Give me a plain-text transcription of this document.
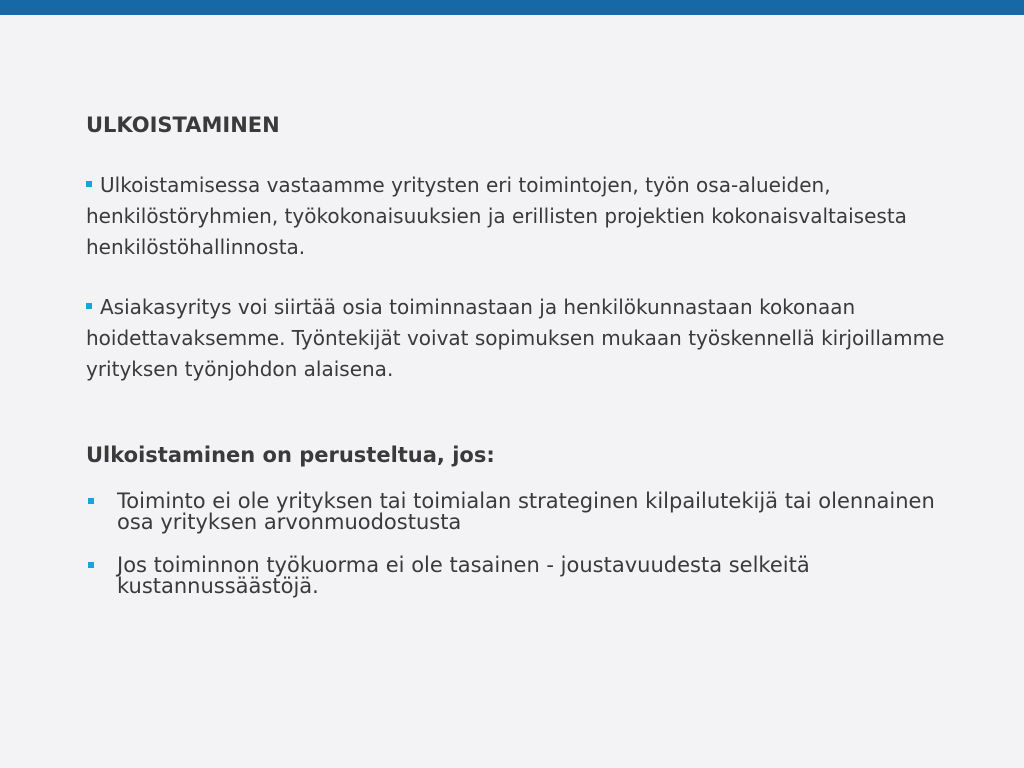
ULKOISTAMINEN

Ulkoistamisessa vastaamme yritysten eri toimintojen, työn osa-alueiden, henkilöstöryhmien, työkokonaisuuksien ja erillisten projektien kokonaisvaltaisesta henkilöstöhallinnosta.

Asiakasyritys voi siirtää osia toiminnastaan ja henkilökunnastaan kokonaan hoidettavaksemme. Työntekijät voivat sopimuksen mukaan työskennellä kirjoillamme yrityksen työnjohdon alaisena.

Ulkoistaminen on perusteltua, jos:
Toiminto ei ole yrityksen tai toimialan strateginen kilpailutekijä tai olennainen osa yrityksen arvonmuodostusta
Jos toiminnon työkuorma ei ole tasainen - joustavuudesta selkeitä kustannussäästöjä.
